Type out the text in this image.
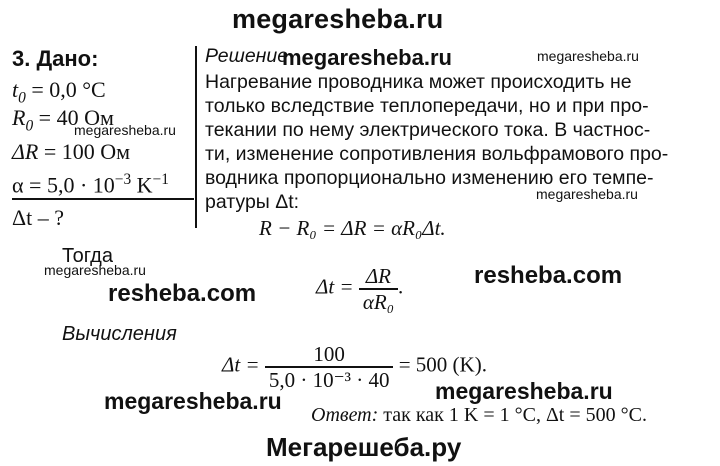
megaresheba.ru
3. Дано:
$t_0 = 0,0$ °C
$R_0 = 40$ Ом
megaresheba.ru
ΔR = 100 Ом
$\alpha = 5,0 \cdot 10^{-3}$ $K^{-1}$
Δt – ?
Решение
megaresheba.ru	megaresheba.ru
Нагревание проводника может происходить не
только вследствие теплопередачи, но и при про-
текании по нему электрического тока. В частнос-
ти, изменение сопротивления вольфрамового про-
водника пропорционально изменению его темпе-
megaresheba.ru
ратуры Δt:
R − R₀ = ΔR = αR₀Δt.
Тогда
megaresheba.ru
resheba.com
resheba.com
$\Delta t = \frac{\Delta R}{\text{αR₀}}$ .
Вычисления
$\Delta t = \frac{100}{\text{5,0 · 10⁻³ · 40}} = 500$ (K).
megaresheba.ru	megaresheba.ru
Ответ: так как 1 K = 1 °C, Δt = 500 °C.
Мегарешеба.ру
